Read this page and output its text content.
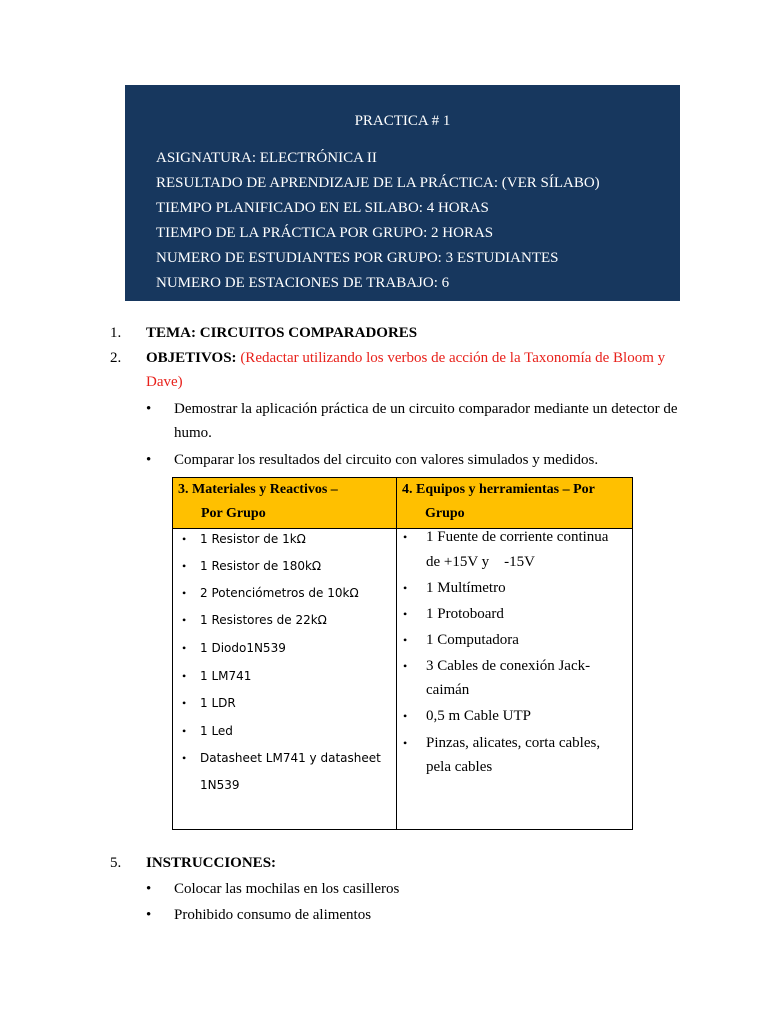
PRACTICA # 1
ASIGNATURA: ELECTRÓNICA II
RESULTADO DE APRENDIZAJE DE LA PRÁCTICA: (VER SÍLABO)
TIEMPO PLANIFICADO EN EL SILABO: 4 HORAS
TIEMPO DE LA PRÁCTICA POR GRUPO: 2 HORAS
NUMERO DE ESTUDIANTES POR GRUPO: 3 ESTUDIANTES
NUMERO DE ESTACIONES DE TRABAJO: 6
1. TEMA: CIRCUITOS COMPARADORES
2. OBJETIVOS: (Redactar utilizando los verbos de acción de la Taxonomía de Bloom y
Dave)
• Demostrar la aplicación práctica de un circuito comparador mediante un detector de
humo.
• Comparar los resultados del circuito con valores simulados y medidos.
3. Materiales y Reactivos –
Por Grupo
4. Equipos y herramientas – Por
Grupo
• 1 Resistor de 1kΩ
• 1 Resistor de 180kΩ
• 2 Potenciómetros de 10kΩ
• 1 Resistores de 22kΩ
• 1 Diodo1N539
• 1 LM741
• 1 LDR
• 1 Led
• Datasheet LM741 y datasheet
1N539
• 1 Fuente de corriente continua
de +15V y    -15V
• 1 Multímetro
• 1 Protoboard
• 1 Computadora
• 3 Cables de conexión Jack-
caimán
• 0,5 m Cable UTP
• Pinzas, alicates, corta cables,
pela cables
5. INSTRUCCIONES:
• Colocar las mochilas en los casilleros
• Prohibido consumo de alimentos
